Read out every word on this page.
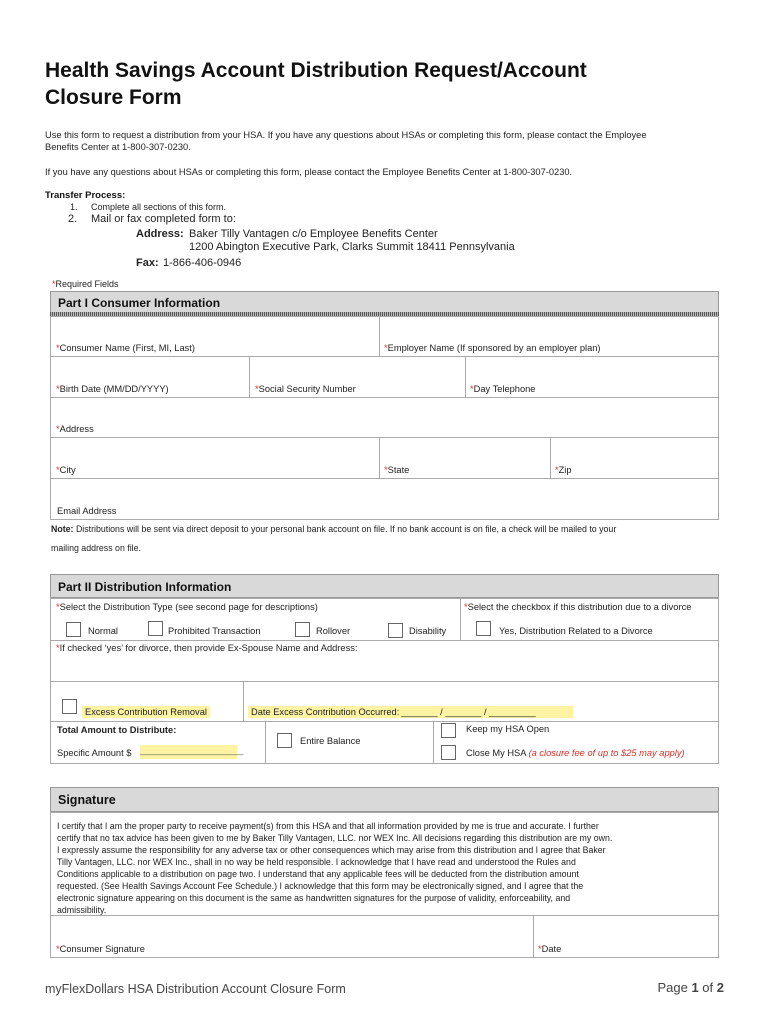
Health Savings Account Distribution Request/Account
Closure Form
Use this form to request a distribution from your HSA. If you have any questions about HSAs or completing this form, please contact the Employee
Benefits Center at 1-800-307-0230.
If you have any questions about HSAs or completing this form, please contact the Employee Benefits Center at 1-800-307-0230.
Transfer Process:
1. Complete all sections of this form.
2. Mail or fax completed form to:
Address: Baker Tilly Vantagen c/o Employee Benefits Center
1200 Abington Executive Park, Clarks Summit 18411 Pennsylvania
Fax: 1-866-406-0946
*Required Fields
Part I Consumer Information
*Consumer Name (First, MI, Last)	*Employer Name (If sponsored by an employer plan)
*Birth Date (MM/DD/YYYY)	*Social Security Number	*Day Telephone
*Address
*City	*State	*Zip
Email Address
Note: Distributions will be sent via direct deposit to your personal bank account on file. If no bank account is on file, a check will be mailed to your
mailing address on file.
Part II Distribution Information
*Select the Distribution Type (see second page for descriptions)	*Select the checkbox if this distribution due to a divorce
Normal	Prohibited Transaction	Rollover	Disability	Yes, Distribution Related to a Divorce
*If checked ‘yes’ for divorce, then provide Ex-Spouse Name and Address:
Excess Contribution Removal	Date Excess Contribution Occurred: _______ / _______ / _________
Total Amount to Distribute:
Specific Amount $ ____________________
Entire Balance
Keep my HSA Open
Close My HSA (a closure fee of up to $25 may apply)
Signature
I certify that I am the proper party to receive payment(s) from this HSA and that all information provided by me is true and accurate. I further
certify that no tax advice has been given to me by Baker Tilly Vantagen, LLC. nor WEX Inc. All decisions regarding this distribution are my own.
I expressly assume the responsibility for any adverse tax or other consequences which may arise from this distribution and I agree that Baker
Tilly Vantagen, LLC. nor WEX Inc., shall in no way be held responsible. I acknowledge that I have read and understood the Rules and
Conditions applicable to a distribution on page two. I understand that any applicable fees will be deducted from the distribution amount
requested. (See Health Savings Account Fee Schedule.) I acknowledge that this form may be electronically signed, and I agree that the
electronic signature appearing on this document is the same as handwritten signatures for the purpose of validity, enforceability, and
admissibility.
*Consumer Signature	*Date
myFlexDollars HSA Distribution Account Closure Form	Page 1 of 2
